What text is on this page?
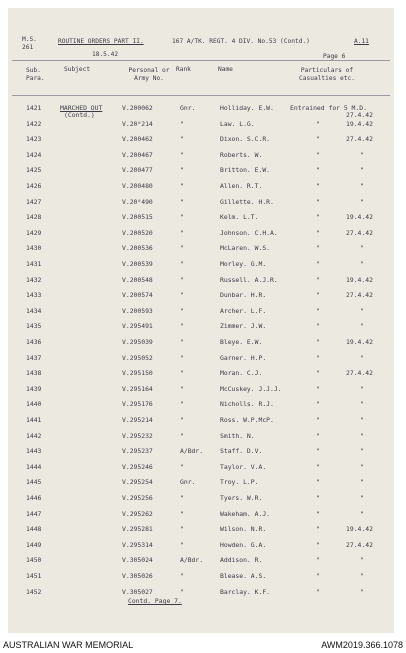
M.S.
261
ROUTINE ORDERS PART II.	167 A/TK. REGT. 4 DIV. No.53 (Contd.)	A.11
18.5.42	Page 6
Sub. Para.
Subject	Personal or Army No.
Rank	Name	Particulars of Casualties etc.
1421	MARCHED OUT	V.200062	Gnr.	Holliday. E.W.	Entrained for 5 M.D.
27.4.42
(Contd.)
1422	V.20⁰214	"	Law. L.G.	"	19.4.42
1423	V.200462	"	Dixon. S.C.R.	"	27.4.42
1424	V.200467	"	Roberts. W.	"	"
1425	V.200477	"	Britton. E.W.	"	"
1426	V.200480	"	Allen. R.T.	"	"
1427	V.20⁰490	"	Gillette. H.R.	"	"
1428	V.200515	"	Kelm. L.T.	"	19.4.42
1429	V.200520	"	Johnson. C.H.A.	"	27.4.42
1430	V.200536	"	McLaren. W.S.	"	"
1431	V.200539	"	Morley. G.M.	"	"
1432	V.200548	"	Russell. A.J.R.	"	19.4.42
1433	V.200574	"	Dunbar. H.R.	"	27.4.42
1434	V.200593	"	Archer. L.F.	"	"
1435	V.295491	"	Zimmer. J.W.	"	"
1436	V.295039	"	Bleye. E.W.	"	19.4.42
1437	V.295052	"	Garner. H.P.	"	"
1438	V.295150	"	Moran. C.J.	"	27.4.42
1439	V.295164	"	McCuskey. J.J.J.	"	"
1440	V.295176	"	Nicholls. R.J.	"	"
1441	V.295214	"	Ross. W.P.McP.	"	"
1442	V.295232	"	Smith. N.	"	"
1443	V.295237	A/Bdr.	Staff. D.V.	"	"
1444	V.295246	"	Taylor. V.A.	"	"
1445	V.295254	Gnr.	Troy. L.P.	"	"
1446	V.295256	"	Tyers. W.R.	"	"
1447	V.295262	"	Wakeham. A.J.	"	"
1448	V.295281	"	Wilson. N.R.	"	19.4.42
1449	V.295314	"	Howden. G.A.	"	27.4.42
1450	V.305024	A/Bdr.	Addison. R.	"	"
1451	V.305026	"	Blease. A.S.	"	"
1452	V.305027	"	Barclay. K.F.	"	"
Contd. Page 7.
AUSTRALIAN WAR MEMORIAL	AWM2019.366.1078
